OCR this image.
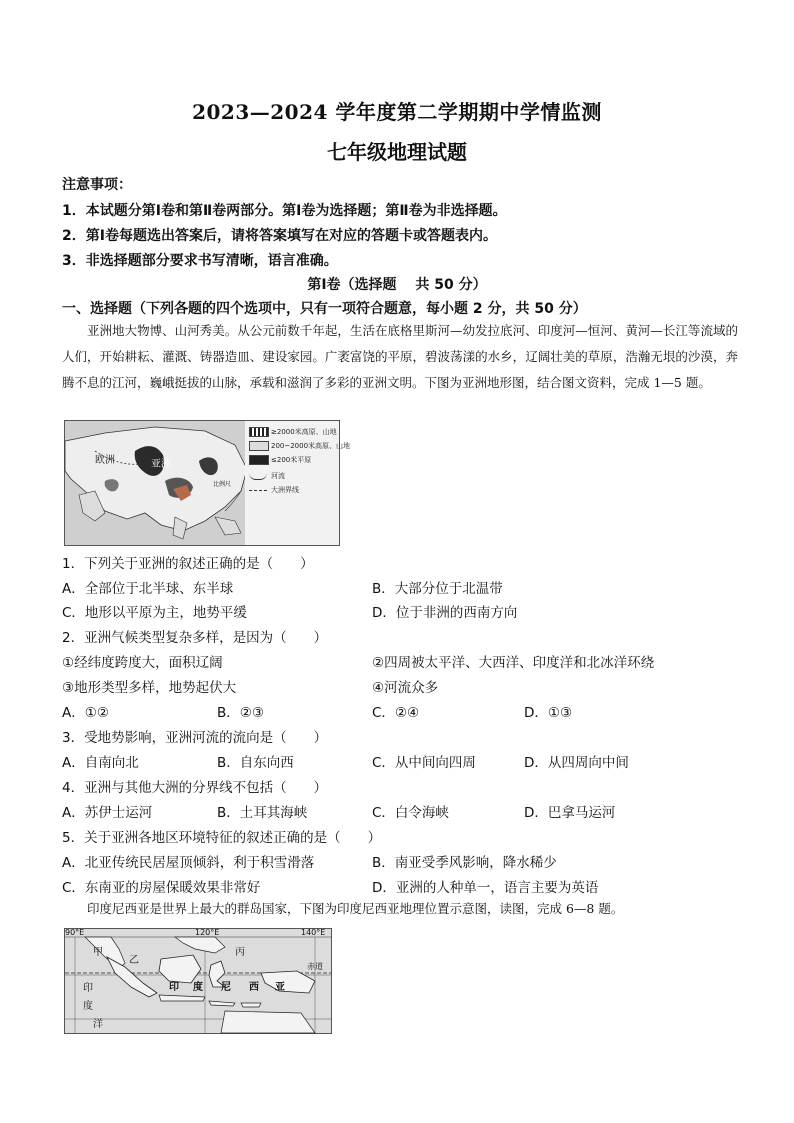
2023—2024 学年度第二学期期中学情监测
七年级地理试题
注意事项：
1．本试题分第Ⅰ卷和第Ⅱ卷两部分。第Ⅰ卷为选择题；第Ⅱ卷为非选择题。
2．第Ⅰ卷每题选出答案后，请将答案填写在对应的答题卡或答题表内。
3．非选择题部分要求书写清晰，语言准确。
第Ⅰ卷（选择题　 共 50 分）
一、选择题（下列各题的四个选项中，只有一项符合题意，每小题 2 分，共 50 分）
亚洲地大物博、山河秀美。从公元前数千年起，生活在底格里斯河—幼发拉底河、印度河—恒河、黄河—长江等流域的人们，开始耕耘、灌溉、铸器造皿、建设家园。广袤富饶的平原，碧波荡漾的水乡，辽阔壮美的草原，浩瀚无垠的沙漠，奔腾不息的江河，巍峨挺拔的山脉，承载和滋润了多彩的亚洲文明。下图为亚洲地形图，结合图文资料，完成 1—5 题。
欧洲	亚洲
比例尺
≥2000米高原、山地
200~2000米高原、山地
≤200米平原
河流
大洲界线
1．下列关于亚洲的叙述正确的是（　　）
A．全部位于北半球、东半球	B．大部分位于北温带
C．地形以平原为主，地势平缓	D．位于非洲的西南方向
2．亚洲气候类型复杂多样，是因为（　　）
①经纬度跨度大，面积辽阔	②四周被太平洋、大西洋、印度洋和北冰洋环绕
③地形类型多样，地势起伏大	④河流众多
A．①②	B．②③	C．②④	D．①③
3．受地势影响，亚洲河流的流向是（　　）
A．自南向北	B．自东向西	C．从中间向四周	D．从四周向中间
4．亚洲与其他大洲的分界线不包括（　　）
A．苏伊士运河	B．土耳其海峡	C．白令海峡	D．巴拿马运河
5．关于亚洲各地区环境特征的叙述正确的是（　　）
A．北亚传统民居屋顶倾斜，利于积雪滑落	B．南亚受季风影响，降水稀少
C．东南亚的房屋保暖效果非常好	D．亚洲的人种单一，语言主要为英语
印度尼西亚是世界上最大的群岛国家，下图为印度尼西亚地理位置示意图，读图，完成 6—8 题。
90°E	120°E	140°E
赤道
甲
乙
丙
印 度 尼 西 亚
印
度
洋
